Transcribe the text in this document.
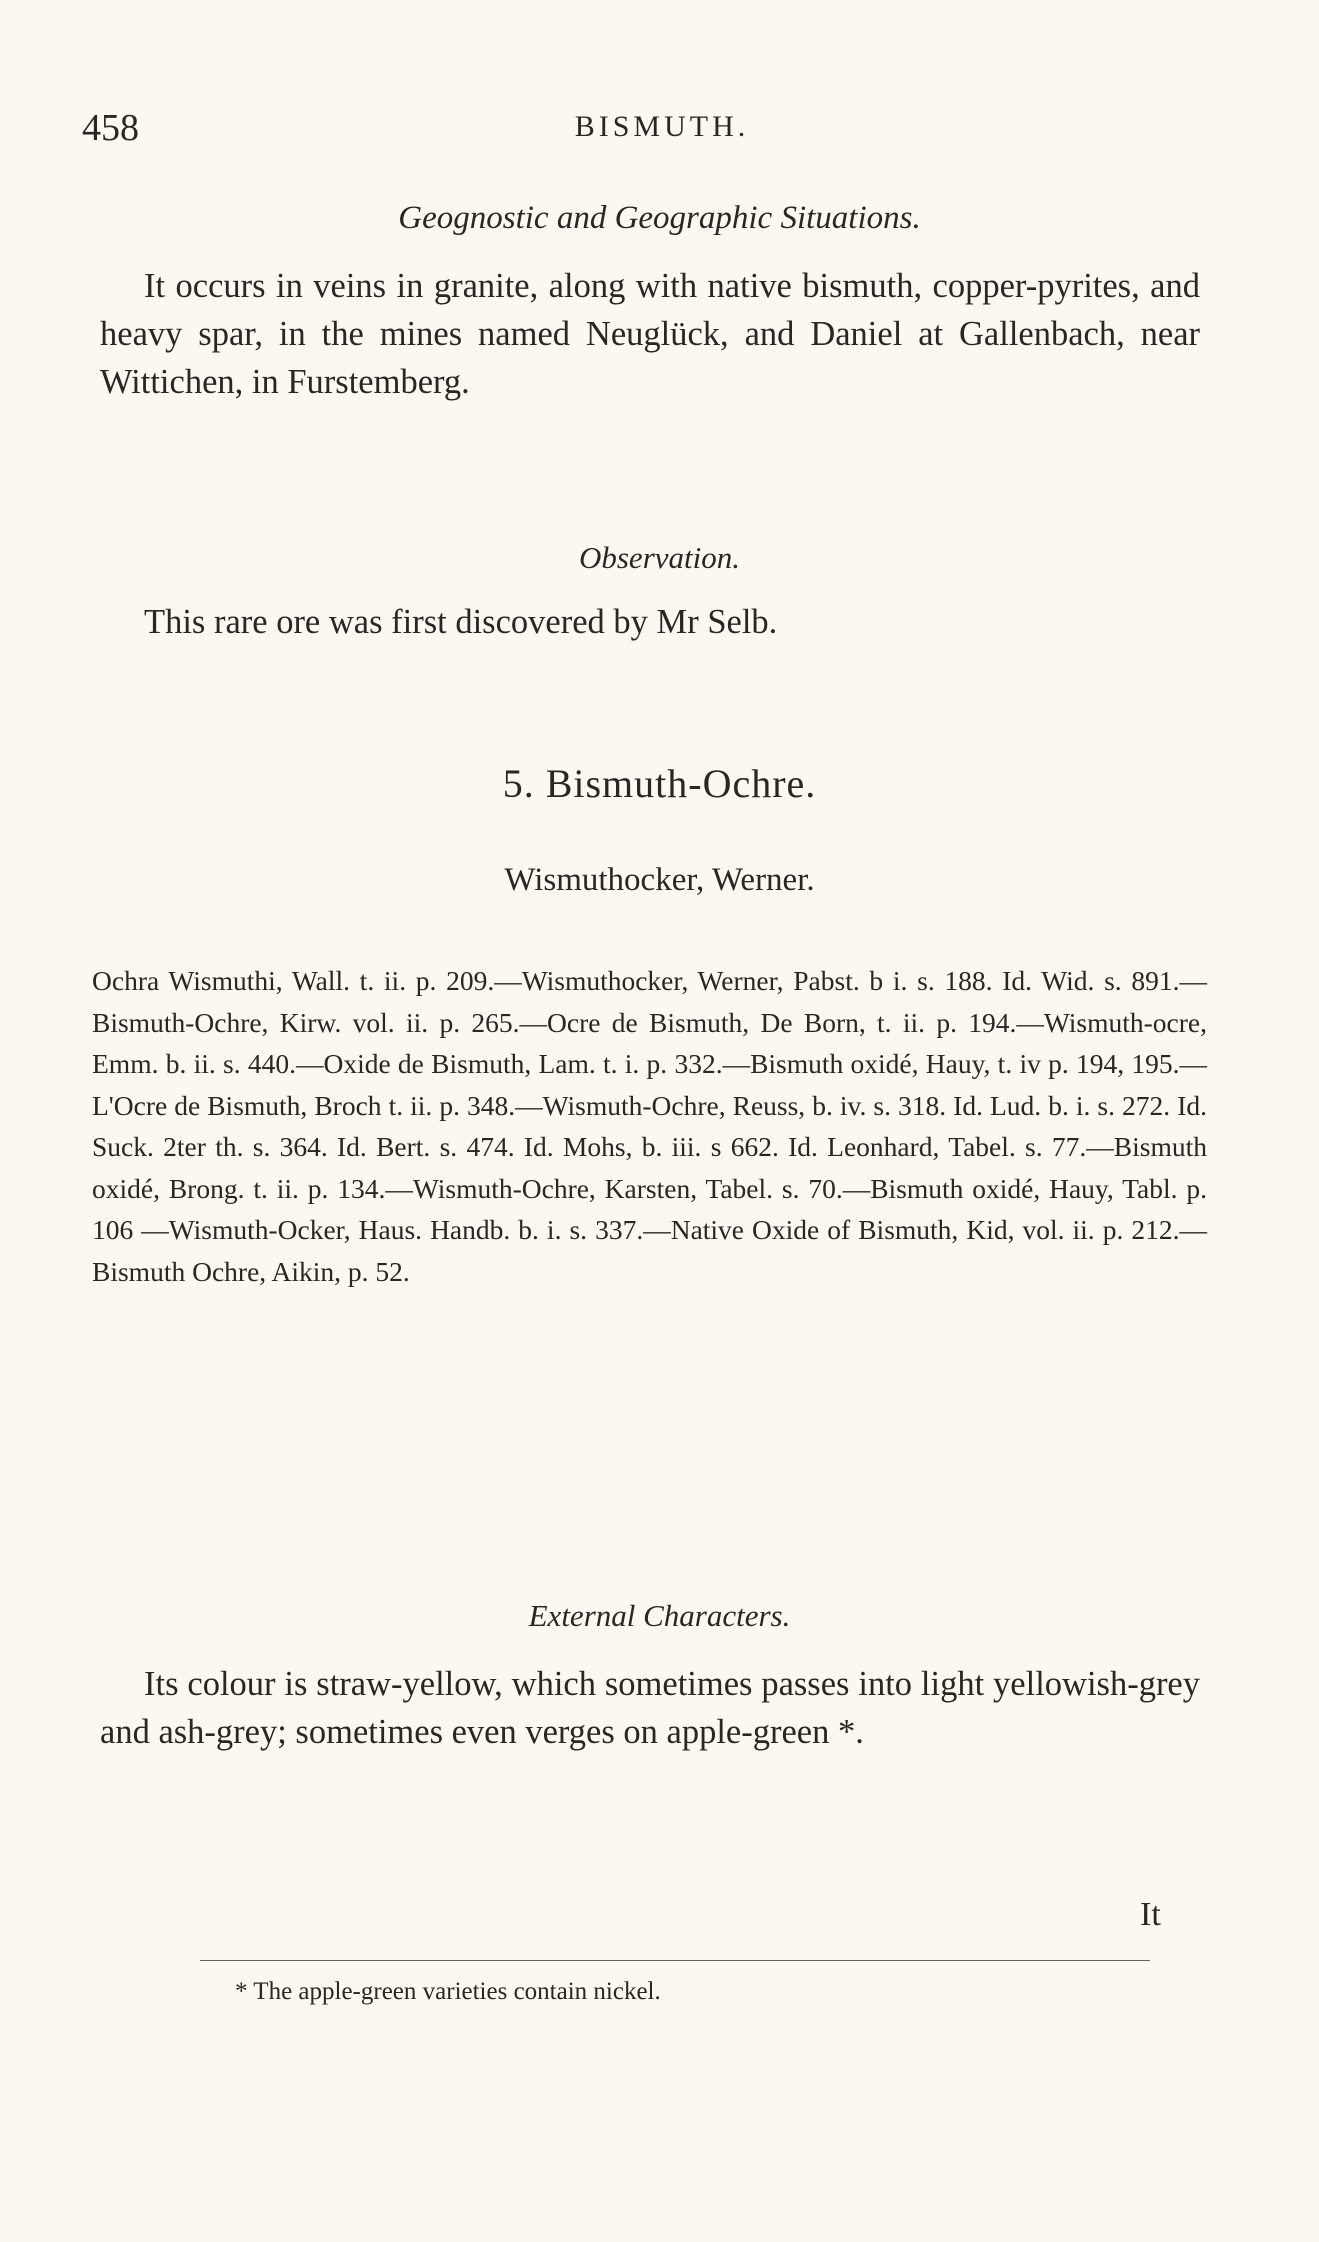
458	BISMUTH.
Geognostic and Geographic Situations.

It occurs in veins in granite, along with native bismuth, copper-pyrites, and heavy spar, in the mines named Neuglück, and Daniel at Gallenbach, near Wittichen, in Furstemberg.

Observation.

This rare ore was first discovered by Mr Selb.

5. Bismuth-Ochre.
Wismuthocker, Werner.

Ochra Wismuthi, Wall. t. ii. p. 209.—Wismuthocker, Werner, Pabst. b i. s. 188. Id. Wid. s. 891.—Bismuth-Ochre, Kirw. vol. ii. p. 265.—Ocre de Bismuth, De Born, t. ii. p. 194.—Wismuth-ocre, Emm. b. ii. s. 440.—Oxide de Bismuth, Lam. t. i. p. 332.—Bismuth oxidé, Hauy, t. iv p. 194, 195.—L'Ocre de Bismuth, Broch t. ii. p. 348.—Wismuth-Ochre, Reuss, b. iv. s. 318. Id. Lud. b. i. s. 272. Id. Suck. 2ter th. s. 364. Id. Bert. s. 474. Id. Mohs, b. iii. s 662. Id. Leonhard, Tabel. s. 77.—Bismuth oxidé, Brong. t. ii. p. 134.—Wismuth-Ochre, Karsten, Tabel. s. 70.—Bismuth oxidé, Hauy, Tabl. p. 106 —Wismuth-Ocker, Haus. Handb. b. i. s. 337.—Native Oxide of Bismuth, Kid, vol. ii. p. 212.—Bismuth Ochre, Aikin, p. 52.

External Characters.

Its colour is straw-yellow, which sometimes passes into light yellowish-grey and ash-grey; sometimes even verges on apple-green *.

It
* The apple-green varieties contain nickel.
